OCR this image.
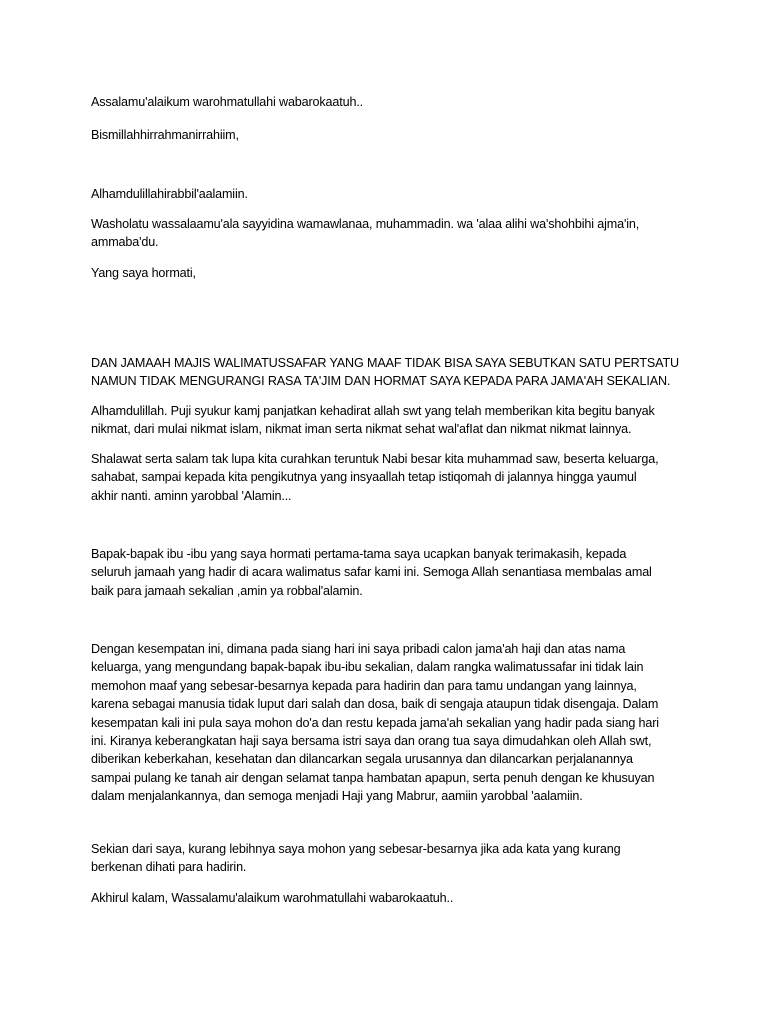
Assalamu'alaikum warohmatullahi wabarokaatuh..

Bismillahhirrahmanirrahiim,

Alhamdulillahirabbil'aalamiin.

Washolatu wassalaamu'ala sayyidina wamawlanaa, muhammadin. wa 'alaa alihi wa'shohbihi ajma'in,
ammaba'du.

Yang saya hormati,

DAN JAMAAH MAJIS WALIMATUSSAFAR YANG MAAF TIDAK BISA SAYA SEBUTKAN SATU PERTSATU
NAMUN TIDAK MENGURANGI RASA TA'JIM DAN HORMAT SAYA KEPADA PARA JAMA'AH SEKALIAN.

Alhamdulillah. Puji syukur kamj panjatkan kehadirat allah swt yang telah memberikan kita begitu banyak
nikmat, dari mulai nikmat islam, nikmat iman serta nikmat sehat wal'afIat dan nikmat nikmat lainnya.

Shalawat serta salam tak lupa kita curahkan teruntuk Nabi besar kita muhammad saw, beserta keluarga,
sahabat, sampai kepada kita pengikutnya yang insyaallah tetap istiqomah di jalannya hingga yaumul
akhir nanti. aminn yarobbal 'Alamin...

Bapak-bapak ibu -ibu yang saya hormati pertama-tama saya ucapkan banyak terimakasih, kepada
seluruh jamaah yang hadir di acara walimatus safar kami ini. Semoga Allah senantiasa membalas amal
baik para jamaah sekalian ,amin ya robbal'alamin.

Dengan kesempatan ini, dimana pada siang hari ini saya pribadi calon jama'ah haji dan atas nama
keluarga, yang mengundang bapak-bapak ibu-ibu sekalian, dalam rangka walimatussafar ini tidak lain
memohon maaf yang sebesar-besarnya kepada para hadirin dan para tamu undangan yang lainnya,
karena sebagai manusia tidak luput dari salah dan dosa, baik di sengaja ataupun tidak disengaja. Dalam
kesempatan kali ini pula saya mohon do'a dan restu kepada jama'ah sekalian yang hadir pada siang hari
ini. Kiranya keberangkatan haji saya bersama istri saya dan orang tua saya dimudahkan oleh Allah swt,
diberikan keberkahan, kesehatan dan dilancarkan segala urusannya dan dilancarkan perjalanannya
sampai pulang ke tanah air dengan selamat tanpa hambatan apapun, serta penuh dengan ke khusuyan
dalam menjalankannya, dan semoga menjadi Haji yang Mabrur, aamiin yarobbal 'aalamiin.

Sekian dari saya, kurang lebihnya saya mohon yang sebesar-besarnya jika ada kata yang kurang
berkenan dihati para hadirin.

Akhirul kalam, Wassalamu'alaikum warohmatullahi wabarokaatuh..
